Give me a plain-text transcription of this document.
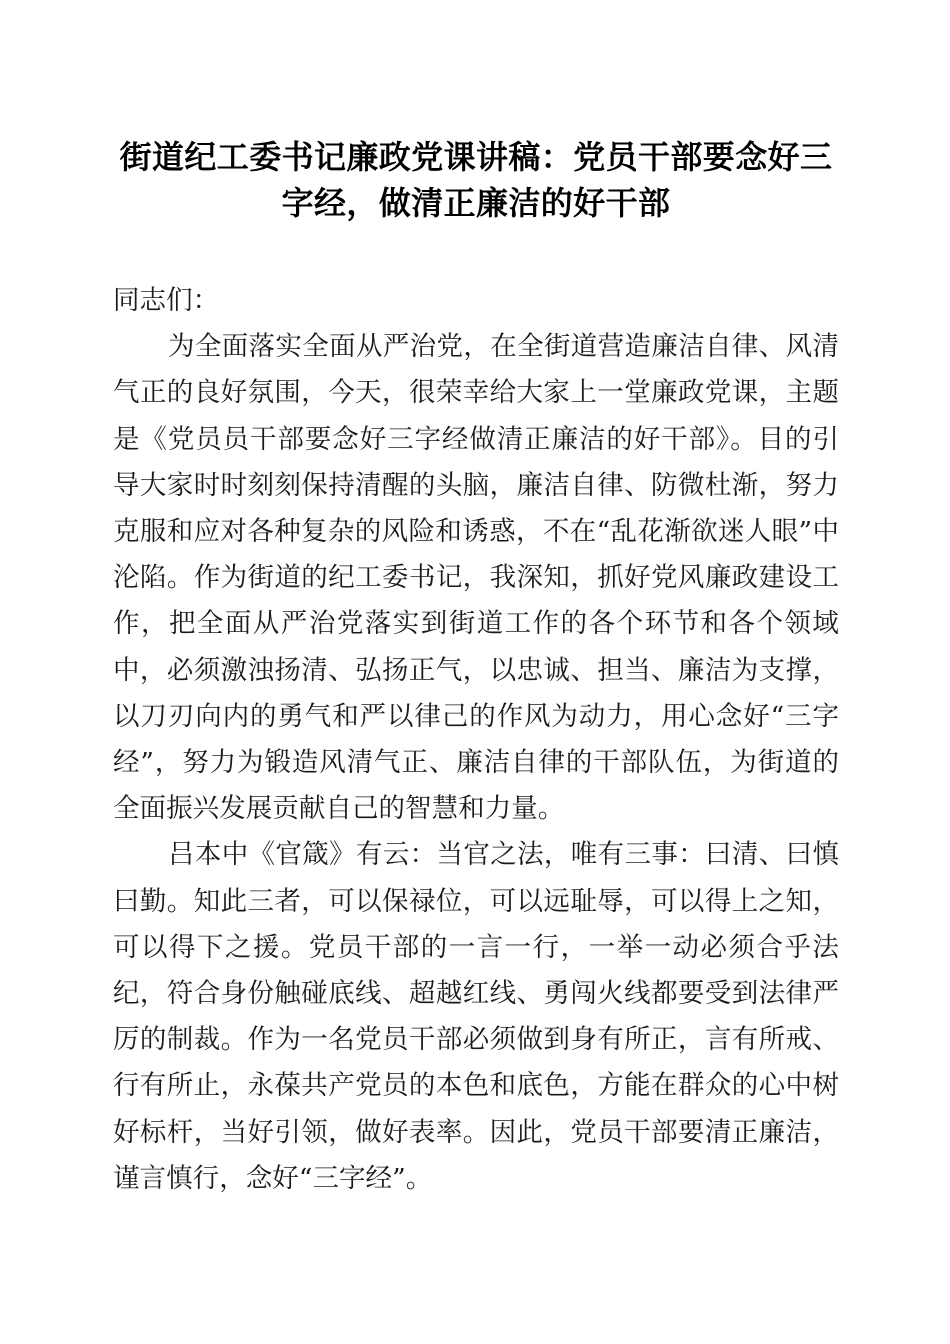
街道纪工委书记廉政党课讲稿：党员干部要念好三字经，做清正廉洁的好干部

同志们：

为全面落实全面从严治党，在全街道营造廉洁自律、风清气正的良好氛围，今天，很荣幸给大家上一堂廉政党课，主题是《党员员干部要念好三字经做清正廉洁的好干部》。目的引导大家时时刻刻保持清醒的头脑，廉洁自律、防微杜渐，努力克服和应对各种复杂的风险和诱惑，不在“乱花渐欲迷人眼”中沦陷。作为街道的纪工委书记，我深知，抓好党风廉政建设工作，把全面从严治党落实到街道工作的各个环节和各个领域中，必须激浊扬清、弘扬正气，以忠诚、担当、廉洁为支撑，以刀刃向内的勇气和严以律己的作风为动力，用心念好“三字经”，努力为锻造风清气正、廉洁自律的干部队伍，为街道的全面振兴发展贡献自己的智慧和力量。

吕本中《官箴》有云：当官之法，唯有三事：曰清、曰慎曰勤。知此三者，可以保禄位，可以远耻辱，可以得上之知，可以得下之援。党员干部的一言一行，一举一动必须合乎法纪，符合身份触碰底线、超越红线、勇闯火线都要受到法律严厉的制裁。作为一名党员干部必须做到身有所正，言有所戒、行有所止，永葆共产党员的本色和底色，方能在群众的心中树好标杆，当好引领，做好表率。因此，党员干部要清正廉洁，谨言慎行，念好“三字经”。
